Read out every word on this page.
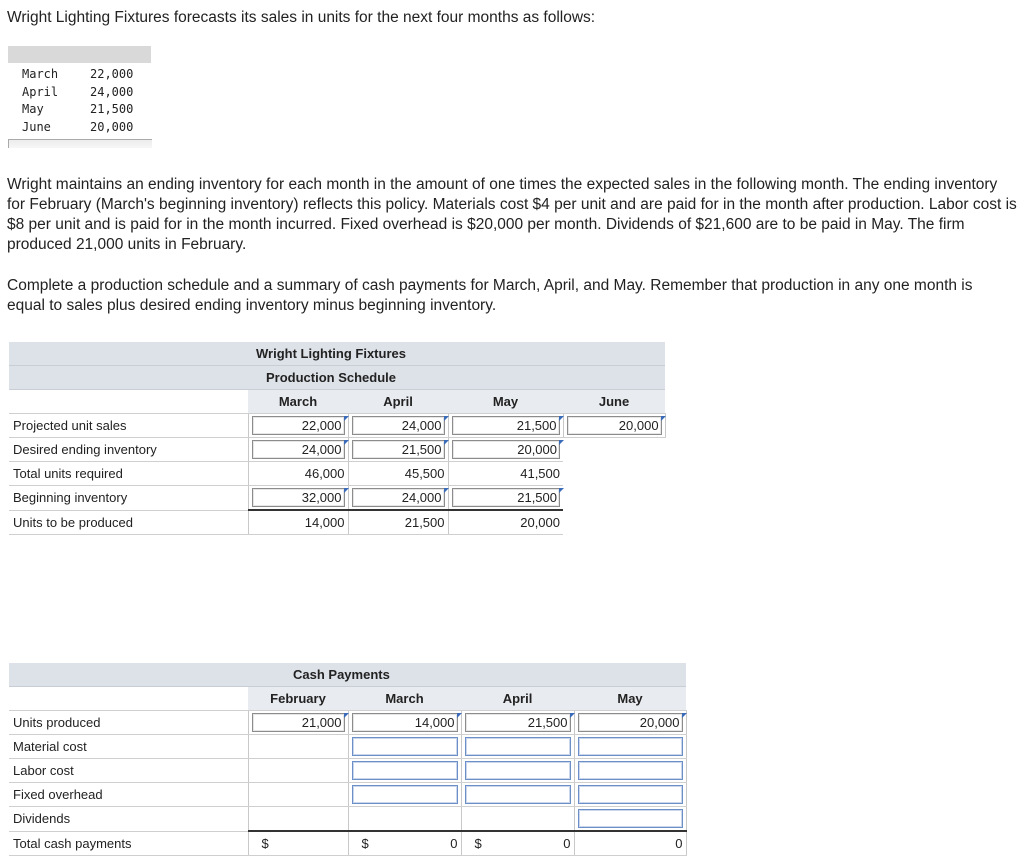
Wright Lighting Fixtures forecasts its sales in units for the next four months as follows:

March	22,000
April	24,000
May	21,500
June	20,000

Wright maintains an ending inventory for each month in the amount of one times the expected sales in the following month. The ending inventory for February (March's beginning inventory) reflects this policy. Materials cost $4 per unit and are paid for in the month after production. Labor cost is $8 per unit and is paid for in the month incurred. Fixed overhead is $20,000 per month. Dividends of $21,600 are to be paid in May. The firm produced 21,000 units in February.

Complete a production schedule and a summary of cash payments for March, April, and May. Remember that production in any one month is equal to sales plus desired ending inventory minus beginning inventory.

	Wright Lighting Fixtures			
	Production Schedule			
	March	April	May	June
Projected unit sales	22,000	24,000	21,500	20,000

Desired ending inventory	24,000	21,500	20,000	

Total units required	46,000	45,500	41,500	

Beginning inventory	32,000	24,000	21,500	

Units to be produced	14,000	21,500	20,000	

	Cash Payments			
	February	March	April	May
Units produced	21,000	14,000	21,500	20,000

Material cost		

Labor cost		

Fixed overhead		

Dividends				

Total cash payments	$	$ 0	$ 0	0
